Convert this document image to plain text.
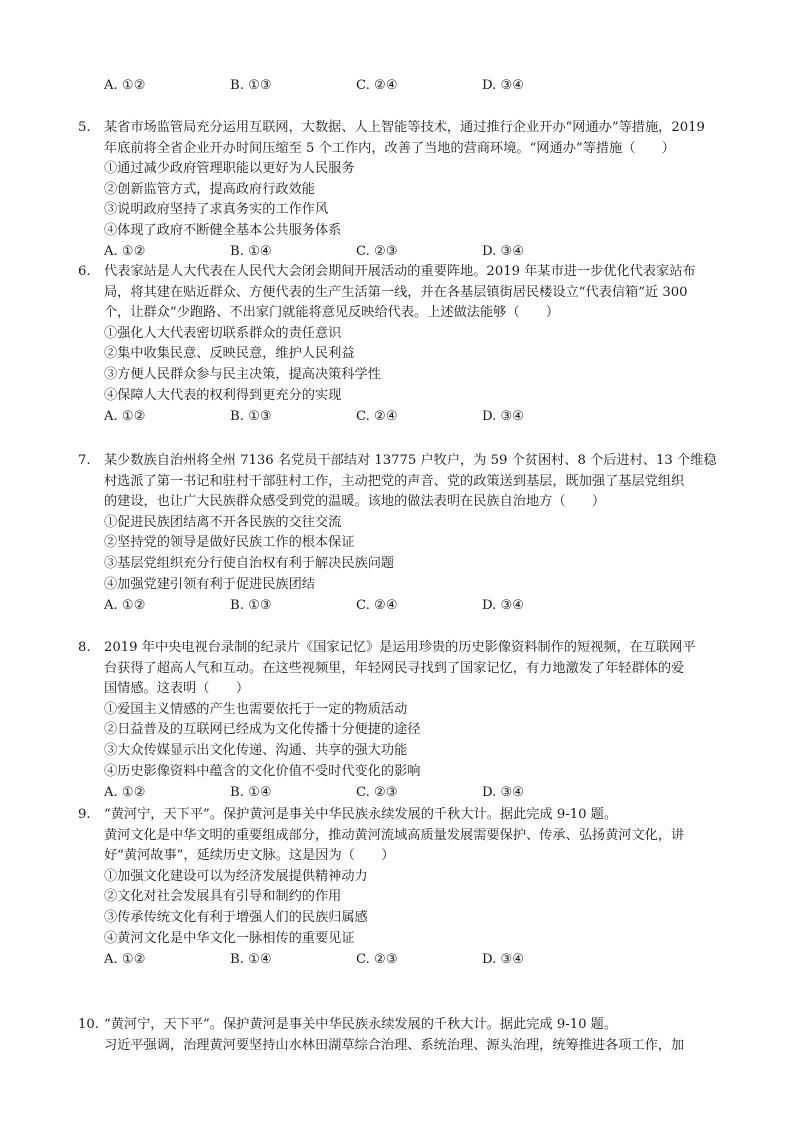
A. ①②	B. ①③	C. ②④	D. ③④
5. 某省市场监管局充分运用互联网，大数据、人上智能等技术，通过推行企业开办“网通办”等措施，2019
年底前将全省企业开办时间压缩至 5 个工作内，改善了当地的营商环境。“网通办”等措施（　　）
①通过减少政府管理职能以更好为人民服务
②创新监管方式，提高政府行政效能
③说明政府坚持了求真务实的工作作风
④体现了政府不断健全基本公共服务体系
A. ①②	B. ①④	C. ②③	D. ③④
6. 代表家站是人大代表在人民代大会闭会期间开展活动的重要阵地。2019 年某市进一步优化代表家站布
局，将其建在贴近群众、方便代表的生产生活第一线，并在各基层镇街居民楼设立“代表信箱”近 300
个，让群众“少跑路、不出家门就能将意见反映给代表。上述做法能够（　　）
①强化人大代表密切联系群众的责任意识
②集中收集民意、反映民意，维护人民利益
③方便人民群众参与民主决策，提高决策科学性
④保障人大代表的权利得到更充分的实现
A. ①②	B. ①③	C. ②④	D. ③④
7. 某少数族自治州将全州 7136 名党员干部结对 13775 户牧户，为 59 个贫困村、8 个后进村、13 个维稳
村选派了第一书记和驻村干部驻村工作，主动把党的声音、党的政策送到基层，既加强了基层党组织
的建设，也让广大民族群众感受到党的温暖。该地的做法表明在民族自治地方（　　）
①促进民族团结离不开各民族的交往交流
②坚持党的领导是做好民族工作的根本保证
③基层党组织充分行使自治权有利于解决民族问题
④加强党建引领有利于促进民族团结
A. ①②	B. ①③	C. ②④	D. ③④
8. 2019 年中央电视台录制的纪录片《国家记忆》是运用珍贵的历史影像资料制作的短视频，在互联网平
台获得了超高人气和互动。在这些视频里，年轻网民寻找到了国家记忆，有力地激发了年轻群体的爱
国情感。这表明（　　）
①爱国主义情感的产生也需要依托于一定的物质活动
②日益普及的互联网已经成为文化传播十分便捷的途径
③大众传媒显示出文化传递、沟通、共享的强大功能
④历史影像资料中蕴含的文化价值不受时代变化的影响
A. ①②	B. ①④	C. ②③	D. ③④
9. “黄河宁，天下平”。保护黄河是事关中华民族永续发展的千秋大计。据此完成 9-10 题。
黄河文化是中华文明的重要组成部分，推动黄河流域高质量发展需要保护、传承、弘扬黄河文化，讲
好“黄河故事”，延续历史文脉。这是因为（　　）
①加强文化建设可以为经济发展提供精神动力
②文化对社会发展具有引导和制约的作用
③传承传统文化有利于增强人们的民族归属感
④黄河文化是中华文化一脉相传的重要见证
A. ①②	B. ①④	C. ②③	D. ③④
10. “黄河宁，天下平”。保护黄河是事关中华民族永续发展的千秋大计。据此完成 9-10 题。
习近平强调，治理黄河要坚持山水林田湖草综合治理、系统治理、源头治理，统筹推进各项工作，加
